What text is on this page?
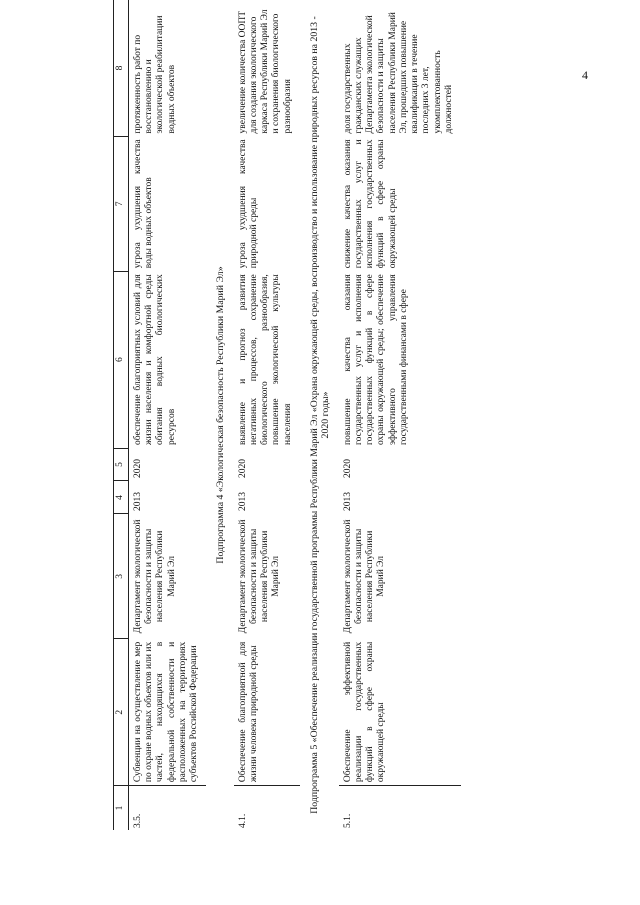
4
1	2	3	4	5	6	7	8
3.5.	Субвенции на осуществление мер по охране водных объектов или их частей, находящихся в федеральной собственности и расположенных на территориях субъектов Российской Федерации	Департамент экологической безопасности и защиты населения Республики Марий Эл	2013	2020	обеспечение благоприятных условий для жизни населения и комфортной среды обитания водных биологических ресурсов	угроза ухудшения качества воды водных объектов	протяженность работ по восстановлению и экологической реабилитации водных объектов
Подпрограмма 4 «Экологическая безопасность Республики Марий Эл»							
4.1.	Обеспечение благоприятной для жизни человека природной среды	Департамент экологической безопасности и защиты населения Республики Марий Эл	2013	2020	выявление и прогноз развития негативных процессов, сохранение биологического разнообразия, повышение экологической культуры населения	угроза ухудшения качества природной среды	увеличение количества ООПТ для создания экологического каркаса Республики Марий Эл и сохранения биологического разнообразия
Подпрограмма 5 «Обеспечение реализации государственной программы Республики Марий Эл «Охрана окружающей среды, воспроизводство и использование природных ресурсов на 2013 - 2020 годы»							
5.1.	Обеспечение эффективной реализации государственных функций в сфере охраны окружающей среды	Департамент экологической безопасности и защиты населения Республики Марий Эл	2013	2020	повышение качества оказания государственных услуг и исполнения государственных функций в сфере охраны окружающей среды; обеспечение эффективного управления государственными финансами в сфере	снижение качества оказания государственных услуг и исполнения государственных функций в сфере охраны окружающей среды	доля государственных гражданских служащих Департамента экологической безопасности и защиты населения Республики Марий Эл, прошедших повышение квалификации в течение последних 3 лет, укомплектованность должностей
